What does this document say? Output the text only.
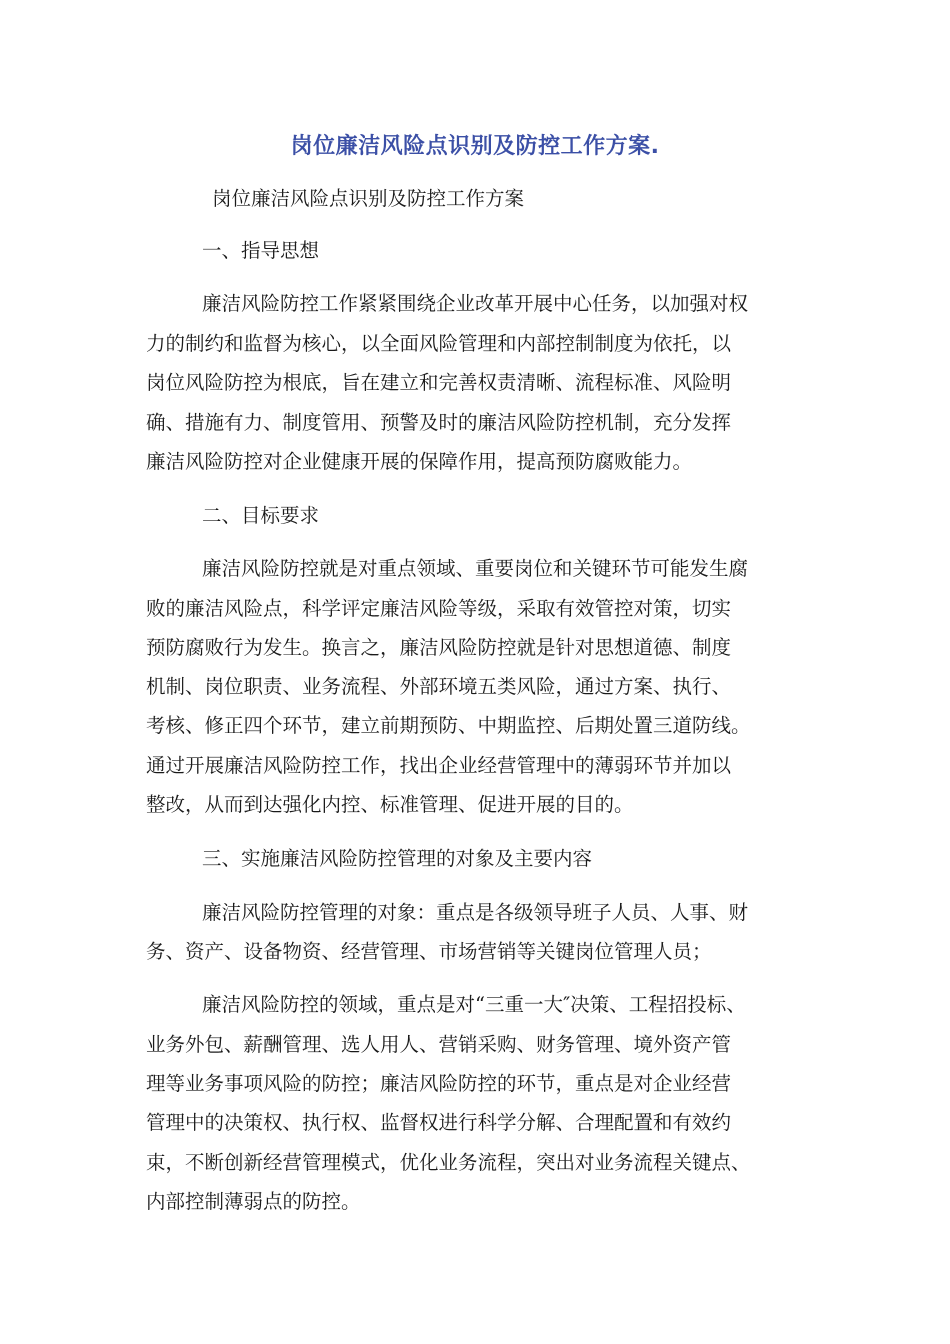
岗位廉洁风险点识别及防控工作方案.
岗位廉洁风险点识别及防控工作方案
一、指导思想
廉洁风险防控工作紧紧围绕企业改革开展中心任务，以加强对权
力的制约和监督为核心，以全面风险管理和内部控制制度为依托，以
岗位风险防控为根底，旨在建立和完善权责清晰、流程标准、风险明
确、措施有力、制度管用、预警及时的廉洁风险防控机制，充分发挥
廉洁风险防控对企业健康开展的保障作用，提高预防腐败能力。
二、目标要求
廉洁风险防控就是对重点领域、重要岗位和关键环节可能发生腐
败的廉洁风险点，科学评定廉洁风险等级，采取有效管控对策，切实
预防腐败行为发生。换言之，廉洁风险防控就是针对思想道德、制度
机制、岗位职责、业务流程、外部环境五类风险，通过方案、执行、
考核、修正四个环节，建立前期预防、中期监控、后期处置三道防线。
通过开展廉洁风险防控工作，找出企业经营管理中的薄弱环节并加以
整改，从而到达强化内控、标准管理、促进开展的目的。
三、实施廉洁风险防控管理的对象及主要内容
廉洁风险防控管理的对象：重点是各级领导班子人员、人事、财
务、资产、设备物资、经营管理、市场营销等关键岗位管理人员；
廉洁风险防控的领域，重点是对“三重一大″决策、工程招投标、
业务外包、薪酬管理、选人用人、营销采购、财务管理、境外资产管
理等业务事项风险的防控；廉洁风险防控的环节，重点是对企业经营
管理中的决策权、执行权、监督权进行科学分解、合理配置和有效约
束，不断创新经营管理模式，优化业务流程，突出对业务流程关键点、
内部控制薄弱点的防控。
